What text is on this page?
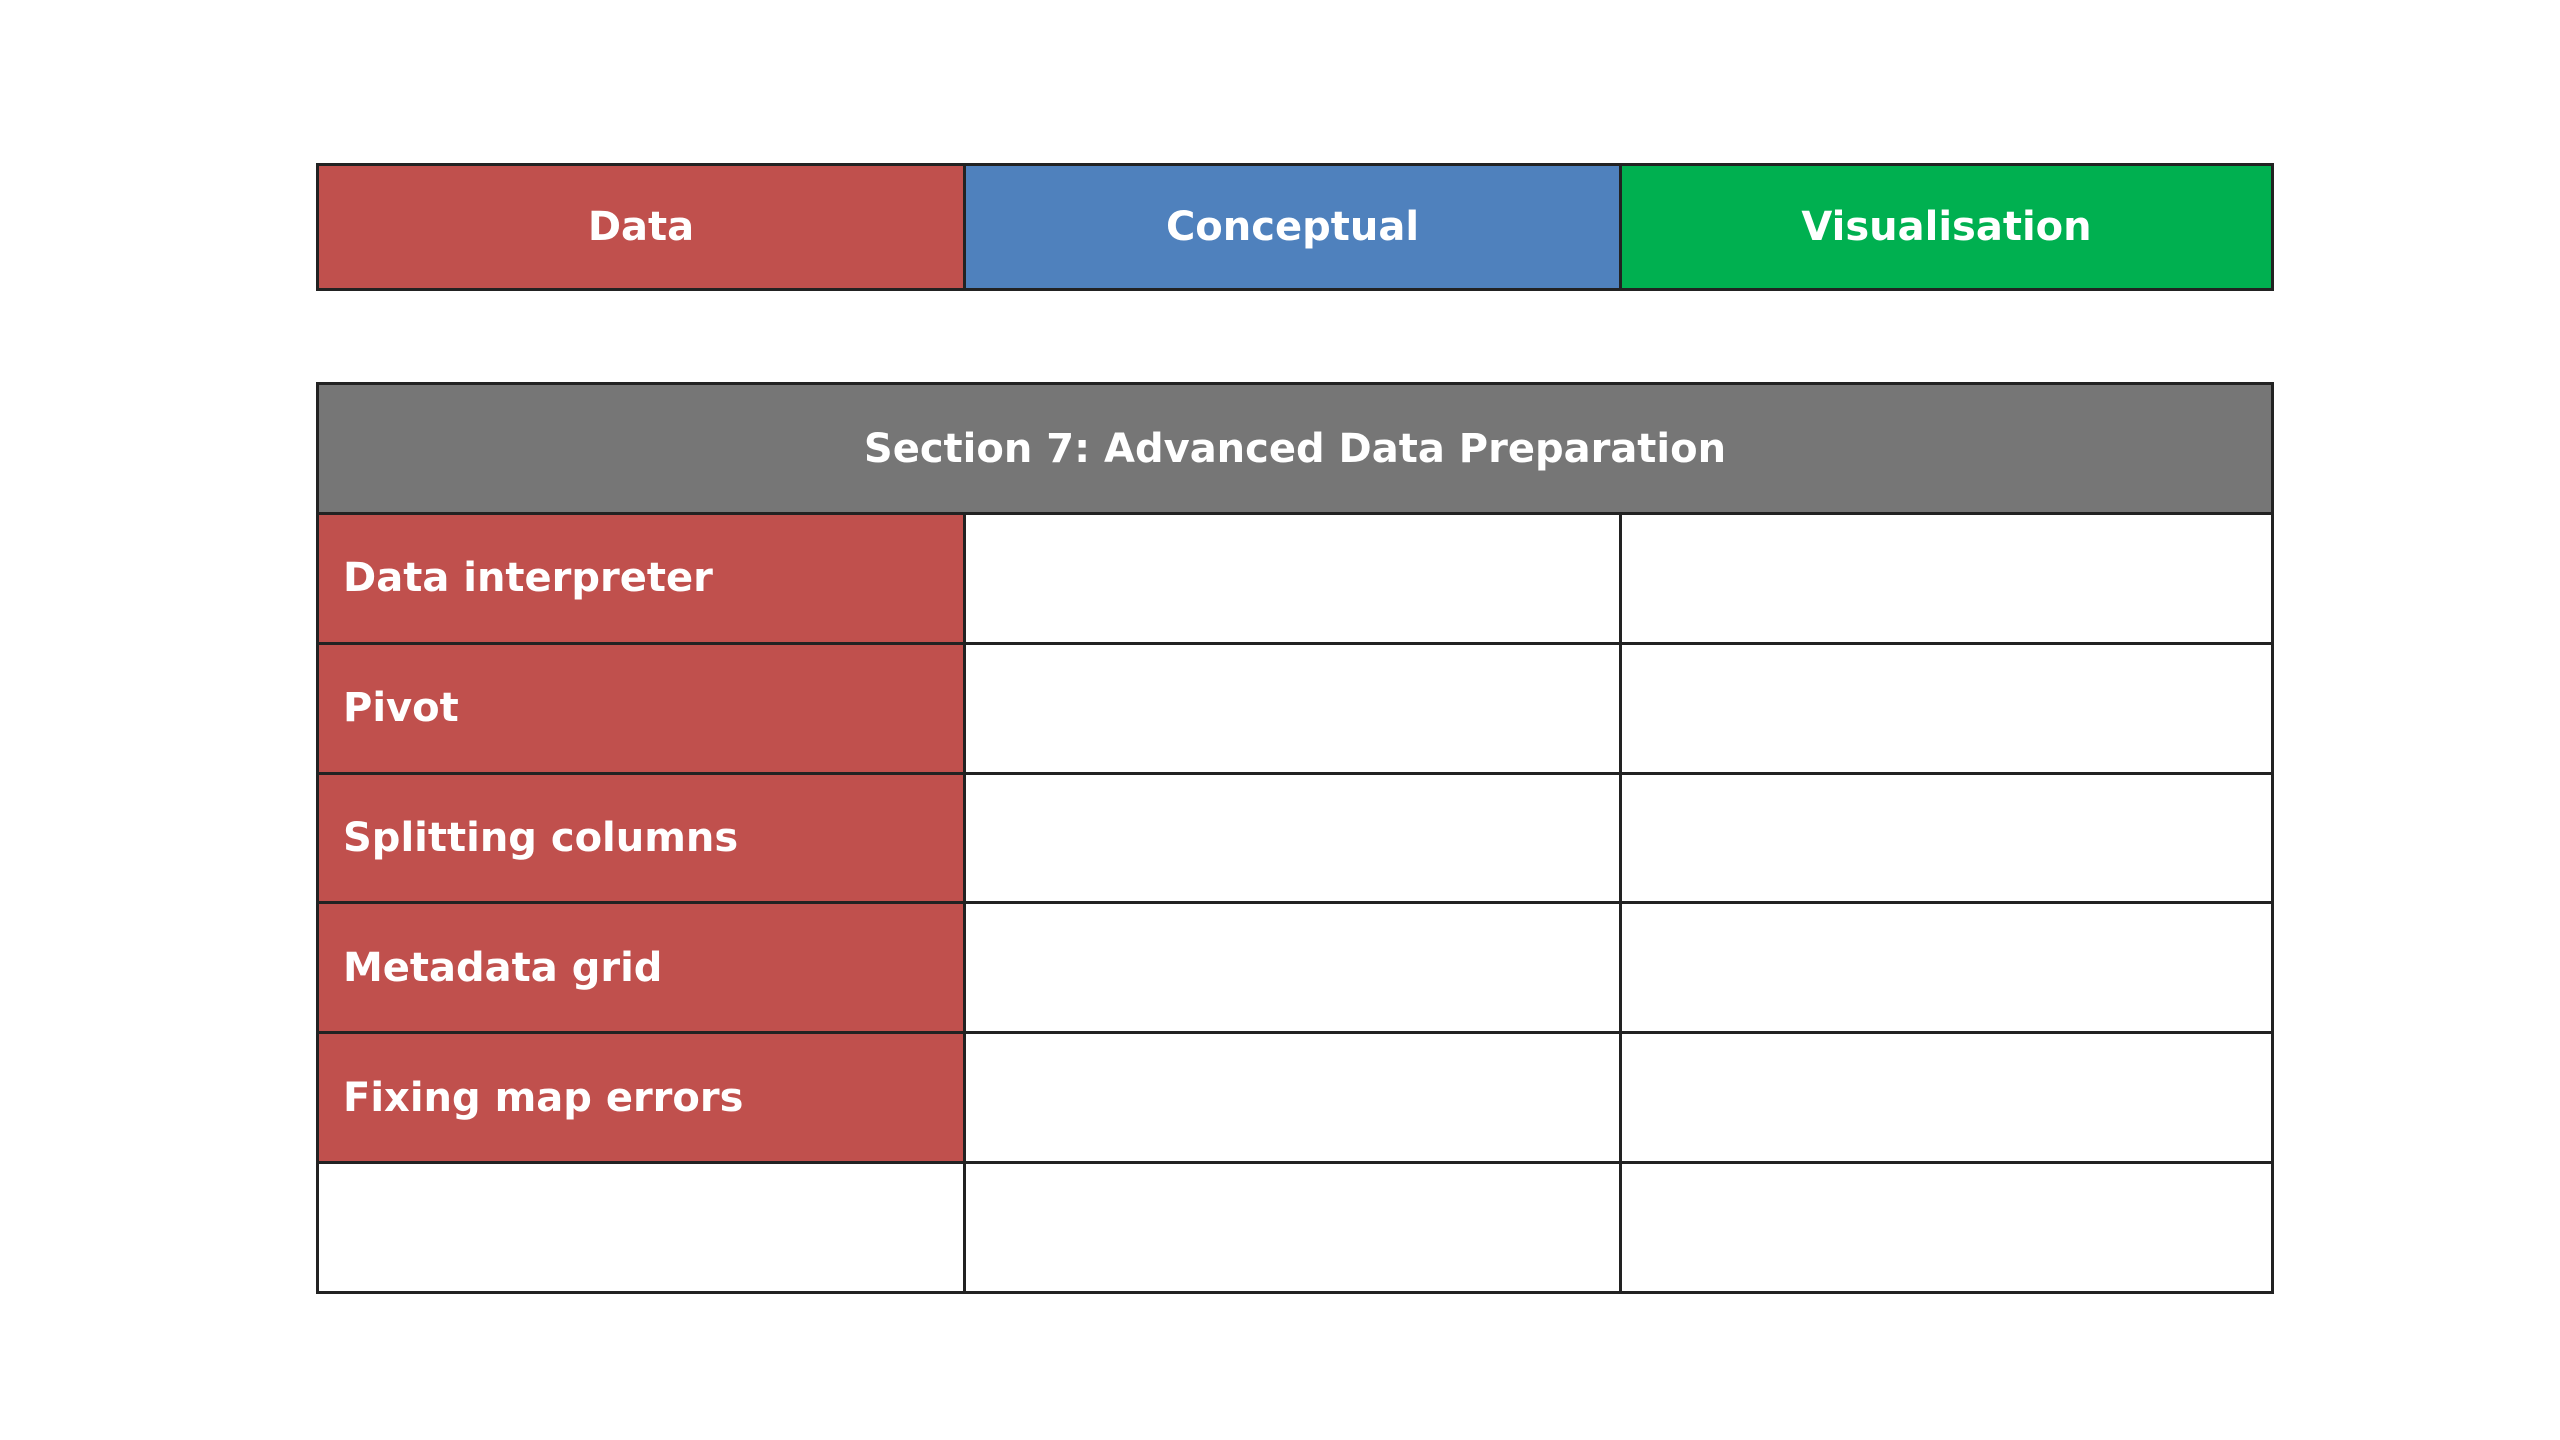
Data	Conceptual	Visualisation
Section 7: Advanced Data Preparation
Data interpreter
Pivot
Splitting columns
Metadata grid
Fixing map errors
